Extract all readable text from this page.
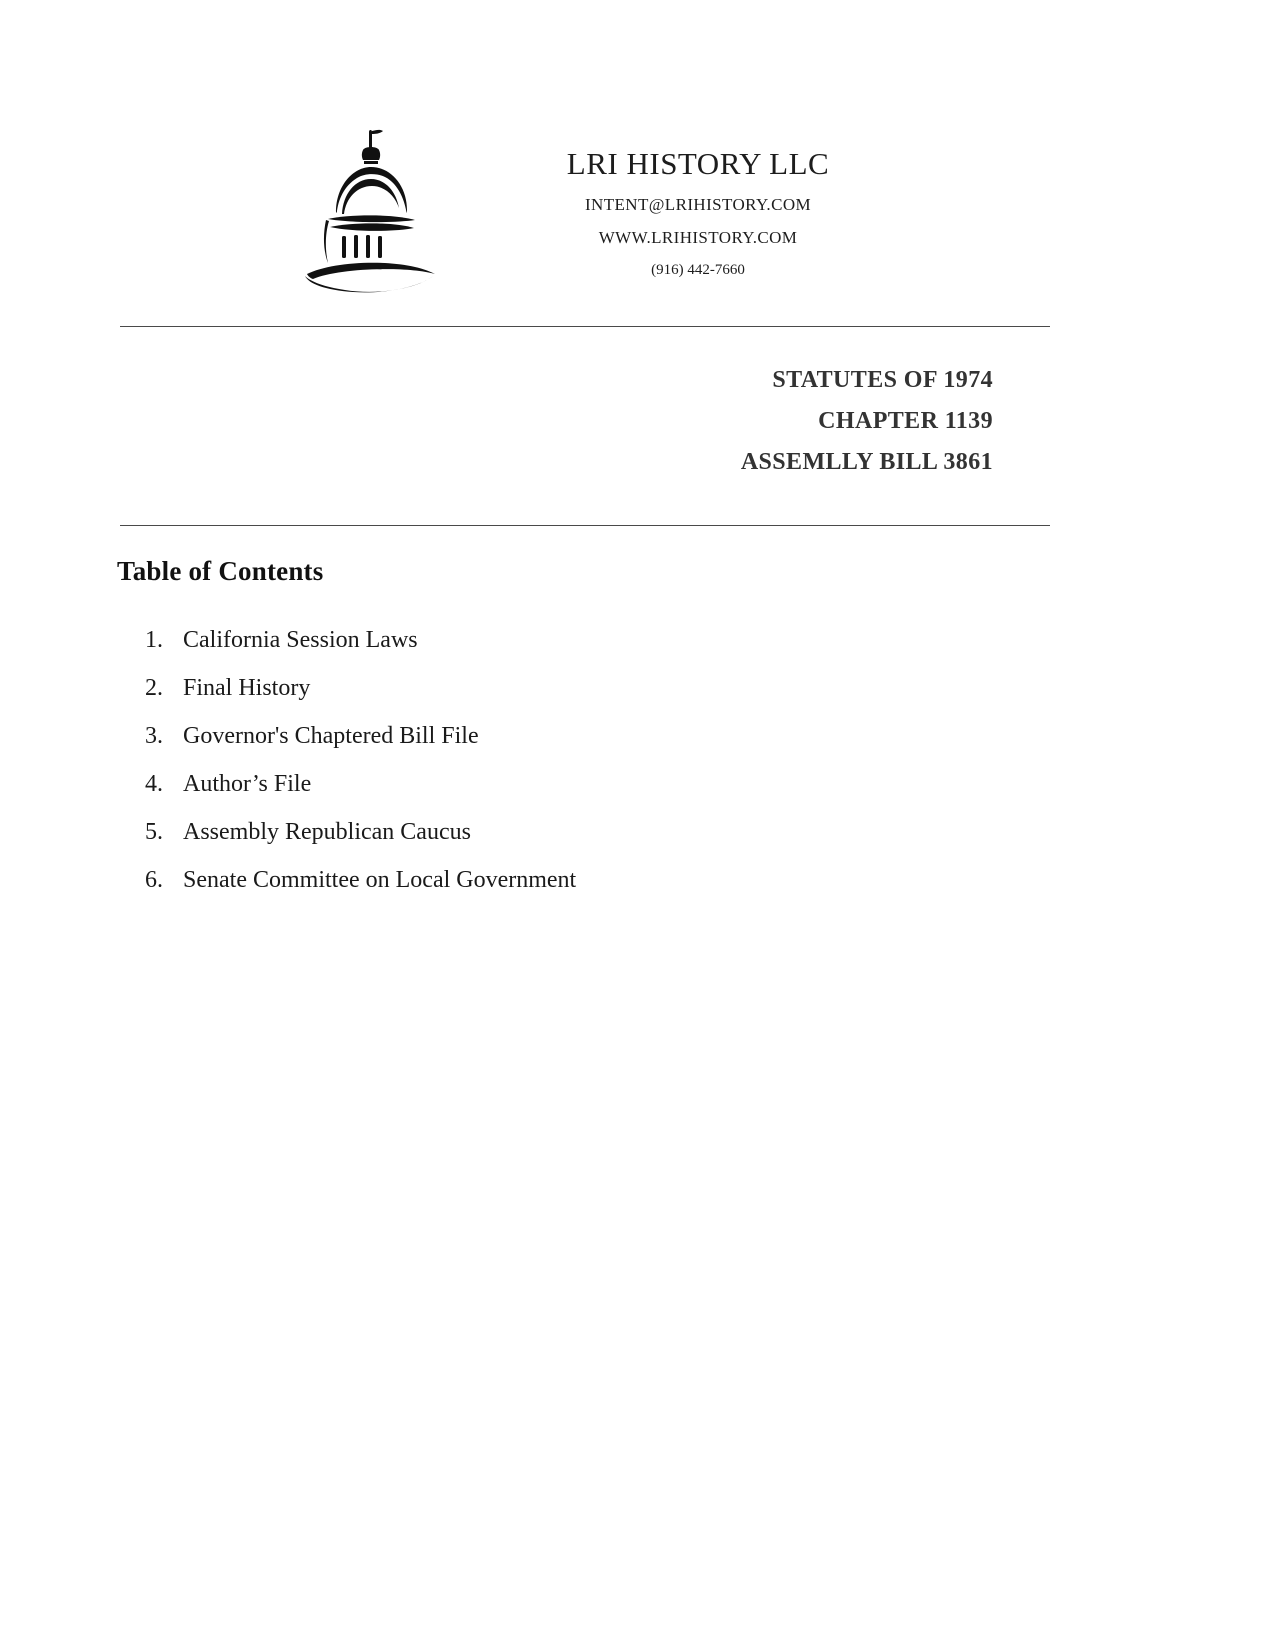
LRI HISTORY LLC
INTENT@LRIHISTORY.COM
WWW.LRIHISTORY.COM
(916) 442-7660
STATUTES OF 1974
CHAPTER 1139
ASSEMLLY BILL 3861
Table of Contents
1. California Session Laws
2. Final History
3. Governor's Chaptered Bill File
4. Author’s File
5. Assembly Republican Caucus
6. Senate Committee on Local Government
